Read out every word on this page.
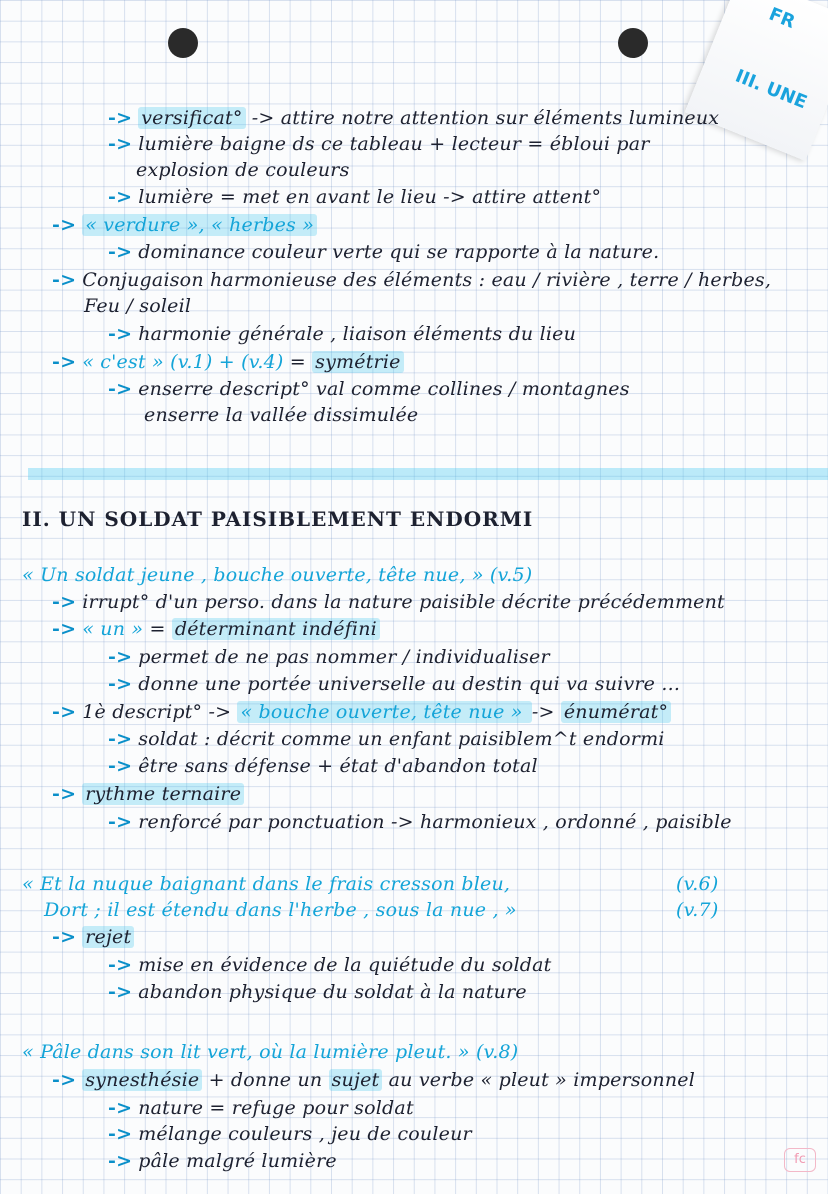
FR
III. UNE
-> versificat° -> attire notre attention sur éléments lumineux
-> lumière baigne ds ce tableau + lecteur = ébloui par
explosion de couleurs
-> lumière = met en avant le lieu -> attire attent°
-> « verdure », « herbes »
-> dominance couleur verte qui se rapporte à la nature.
-> Conjugaison harmonieuse des éléments : eau / rivière , terre / herbes,
Feu / soleil
-> harmonie générale , liaison éléments du lieu
-> « c'est » (v.1) + (v.4) = symétrie
-> enserre descript° val comme collines / montagnes
enserre la vallée dissimulée
« Un soldat jeune , bouche ouverte, tête nue, » (v.5)
-> irrupt° d'un perso. dans la nature paisible décrite précédemment
-> « un » = déterminant indéfini
-> permet de ne pas nommer / individualiser
-> donne une portée universelle au destin qui va suivre ...
-> 1è descript° -> « bouche ouverte, tête nue » -> énumérat°
-> soldat : décrit comme un enfant paisiblem^t endormi
-> être sans défense + état d'abandon total
-> rythme ternaire
-> renforcé par ponctuation -> harmonieux , ordonné , paisible
« Et la nuque baignant dans le frais cresson bleu,
Dort ; il est étendu dans l'herbe , sous la nue , »
(v.6)
(v.7)
-> rejet
-> mise en évidence de la quiétude du soldat
-> abandon physique du soldat à la nature
« Pâle dans son lit vert, où la lumière pleut. » (v.8)
-> synesthésie + donne un sujet au verbe « pleut » impersonnel
-> nature = refuge pour soldat
-> mélange couleurs , jeu de couleur
-> pâle malgré lumière
II. UN SOLDAT PAISIBLEMENT ENDORMI
fc
